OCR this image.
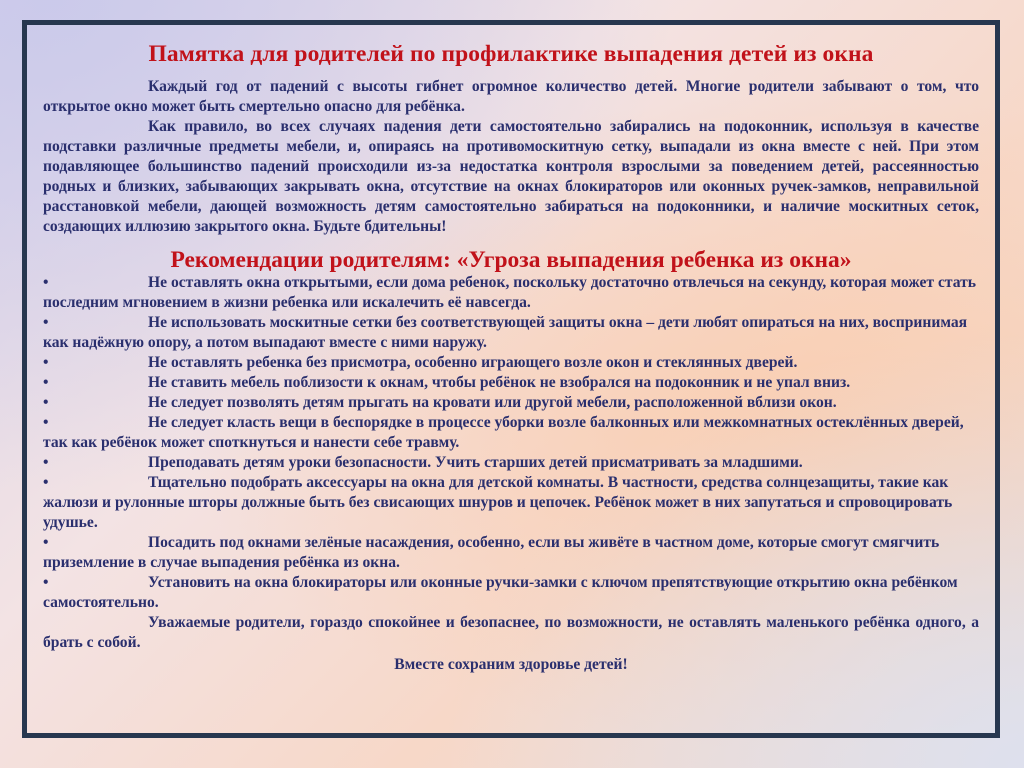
Памятка для родителей по профилактике выпадения детей из окна

Каждый год от падений с высоты гибнет огромное количество детей. Многие родители забывают о том, что открытое окно может быть смертельно опасно для ребёнка.

Как правило, во всех случаях падения дети самостоятельно забирались на подоконник, используя в качестве подставки различные предметы мебели, и, опираясь на противомоскитную сетку, выпадали из окна вместе с ней. При этом подавляющее большинство падений происходили из-за недостатка контроля взрослыми за поведением детей, рассеянностью родных и близких, забывающих закрывать окна, отсутствие на окнах блокираторов или оконных ручек-замков, неправильной расстановкой мебели, дающей возможность детям самостоятельно забираться на подоконники, и наличие москитных сеток, создающих иллюзию закрытого окна. Будьте бдительны!

Рекомендации родителям: «Угроза выпадения ребенка из окна»
•	Не оставлять окна открытыми, если дома ребенок, поскольку достаточно отвлечься на секунду, которая может стать последним мгновением в жизни ребенка или искалечить её навсегда.
•	Не использовать москитные сетки без соответствующей защиты окна – дети любят опираться на них, воспринимая как надёжную опору, а потом выпадают вместе с ними наружу.
•	Не оставлять ребенка без присмотра, особенно играющего возле окон и стеклянных дверей.
•	Не ставить мебель поблизости к окнам, чтобы ребёнок не взобрался на подоконник и не упал вниз.
•	Не следует позволять детям прыгать на кровати или другой мебели, расположенной вблизи окон.
•	Не следует класть вещи в беспорядке в процессе уборки возле балконных или межкомнатных остеклённых дверей, так как ребёнок может споткнуться и нанести себе травму.
•	Преподавать детям уроки безопасности. Учить старших детей присматривать за младшими.
•	Тщательно подобрать аксессуары на окна для детской комнаты. В частности, средства солнцезащиты, такие как жалюзи и рулонные шторы должные быть без свисающих шнуров и цепочек. Ребёнок может в них запутаться и спровоцировать удушье.
•	Посадить под окнами зелёные насаждения, особенно, если вы живёте в частном доме, которые смогут смягчить приземление в случае выпадения ребёнка из окна.
•	Установить на окна блокираторы или оконные ручки-замки с ключом препятствующие открытию окна ребёнком самостоятельно.

Уважаемые родители, гораздо спокойнее и безопаснее, по возможности, не оставлять маленького ребёнка одного, а брать с собой.

Вместе сохраним здоровье детей!
